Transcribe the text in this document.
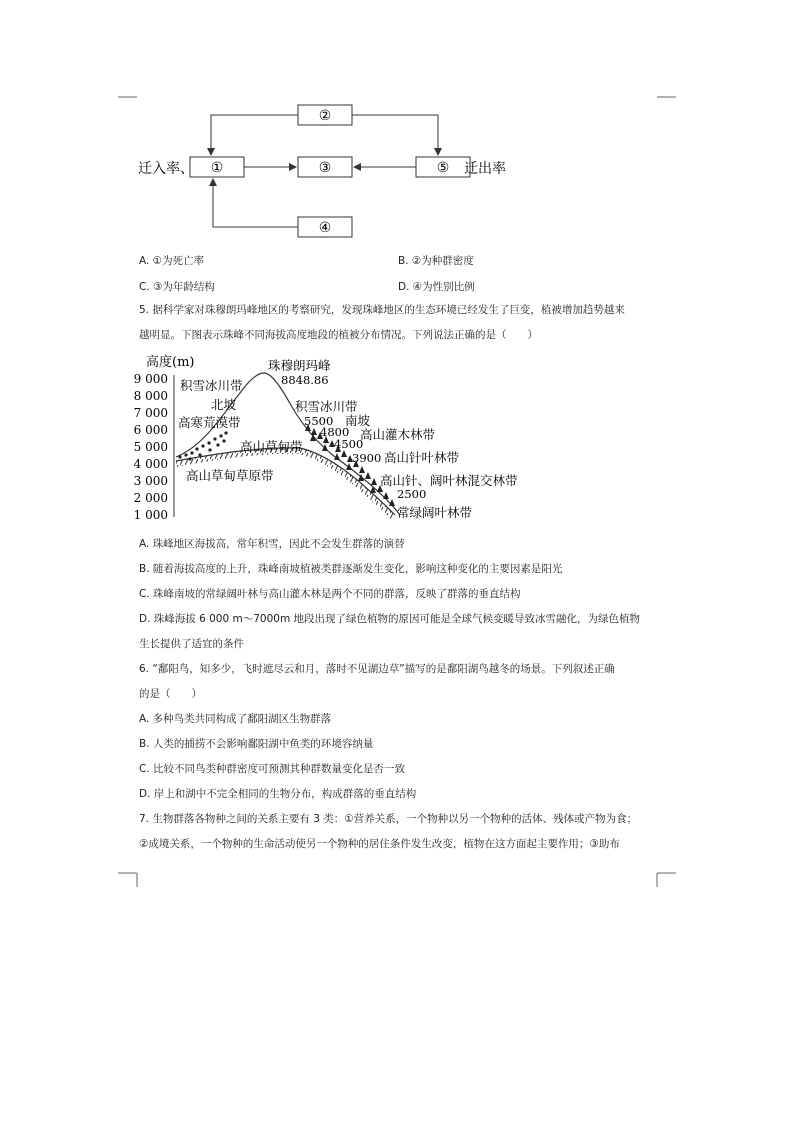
②
①	③	⑤
④
迁入率、	迁出率
A. ①为死亡率	B. ②为种群密度
C. ③为年龄结构	D. ④为性别比例
5. 据科学家对珠穆朗玛峰地区的考察研究，发现珠峰地区的生态环境已经发生了巨变，植被增加趋势越来
越明显。下图表示珠峰不同海拔高度地段的植被分布情况。下列说法正确的是（　　）
高度(m)
9 000
8 000
7 000
6 000
5 000
4 000
3 000
2 000
1 000
珠穆朗玛峰
8848.86
积雪冰川带
北坡
高寒荒漠带
高山草甸带
高山草甸草原带
积雪冰川带
南坡
5500
4800 高山灌木林带
4500
3900 高山针叶林带
高山针、阔叶林混交林带
2500
常绿阔叶林带
A. 珠峰地区海拔高，常年积雪，因此不会发生群落的演替
B. 随着海拔高度的上升，珠峰南坡植被类群逐渐发生变化，影响这种变化的主要因素是阳光
C. 珠峰南坡的常绿阔叶林与高山灌木林是两个不同的群落，反映了群落的垂直结构
D. 珠峰海拔 6 000 m～7000m 地段出现了绿色植物的原因可能是全球气候变暖导致冰雪融化，为绿色植物
生长提供了适宜的条件
6. “鄱阳鸟，知多少，飞时遮尽云和月，落时不见湖边草”描写的是鄱阳湖鸟越冬的场景。下列叙述正确
的是（　　）
A. 多种鸟类共同构成了鄱阳湖区生物群落
B. 人类的捕捞不会影响鄱阳湖中鱼类的环境容纳量
C. 比较不同鸟类种群密度可预测其种群数量变化是否一致
D. 岸上和湖中不完全相同的生物分布，构成群落的垂直结构
7. 生物群落各物种之间的关系主要有 3 类：①营养关系，一个物种以另一个物种的活体、残体或产物为食；
②成境关系，一个物种的生命活动使另一个物种的居住条件发生改变，植物在这方面起主要作用；③助布
